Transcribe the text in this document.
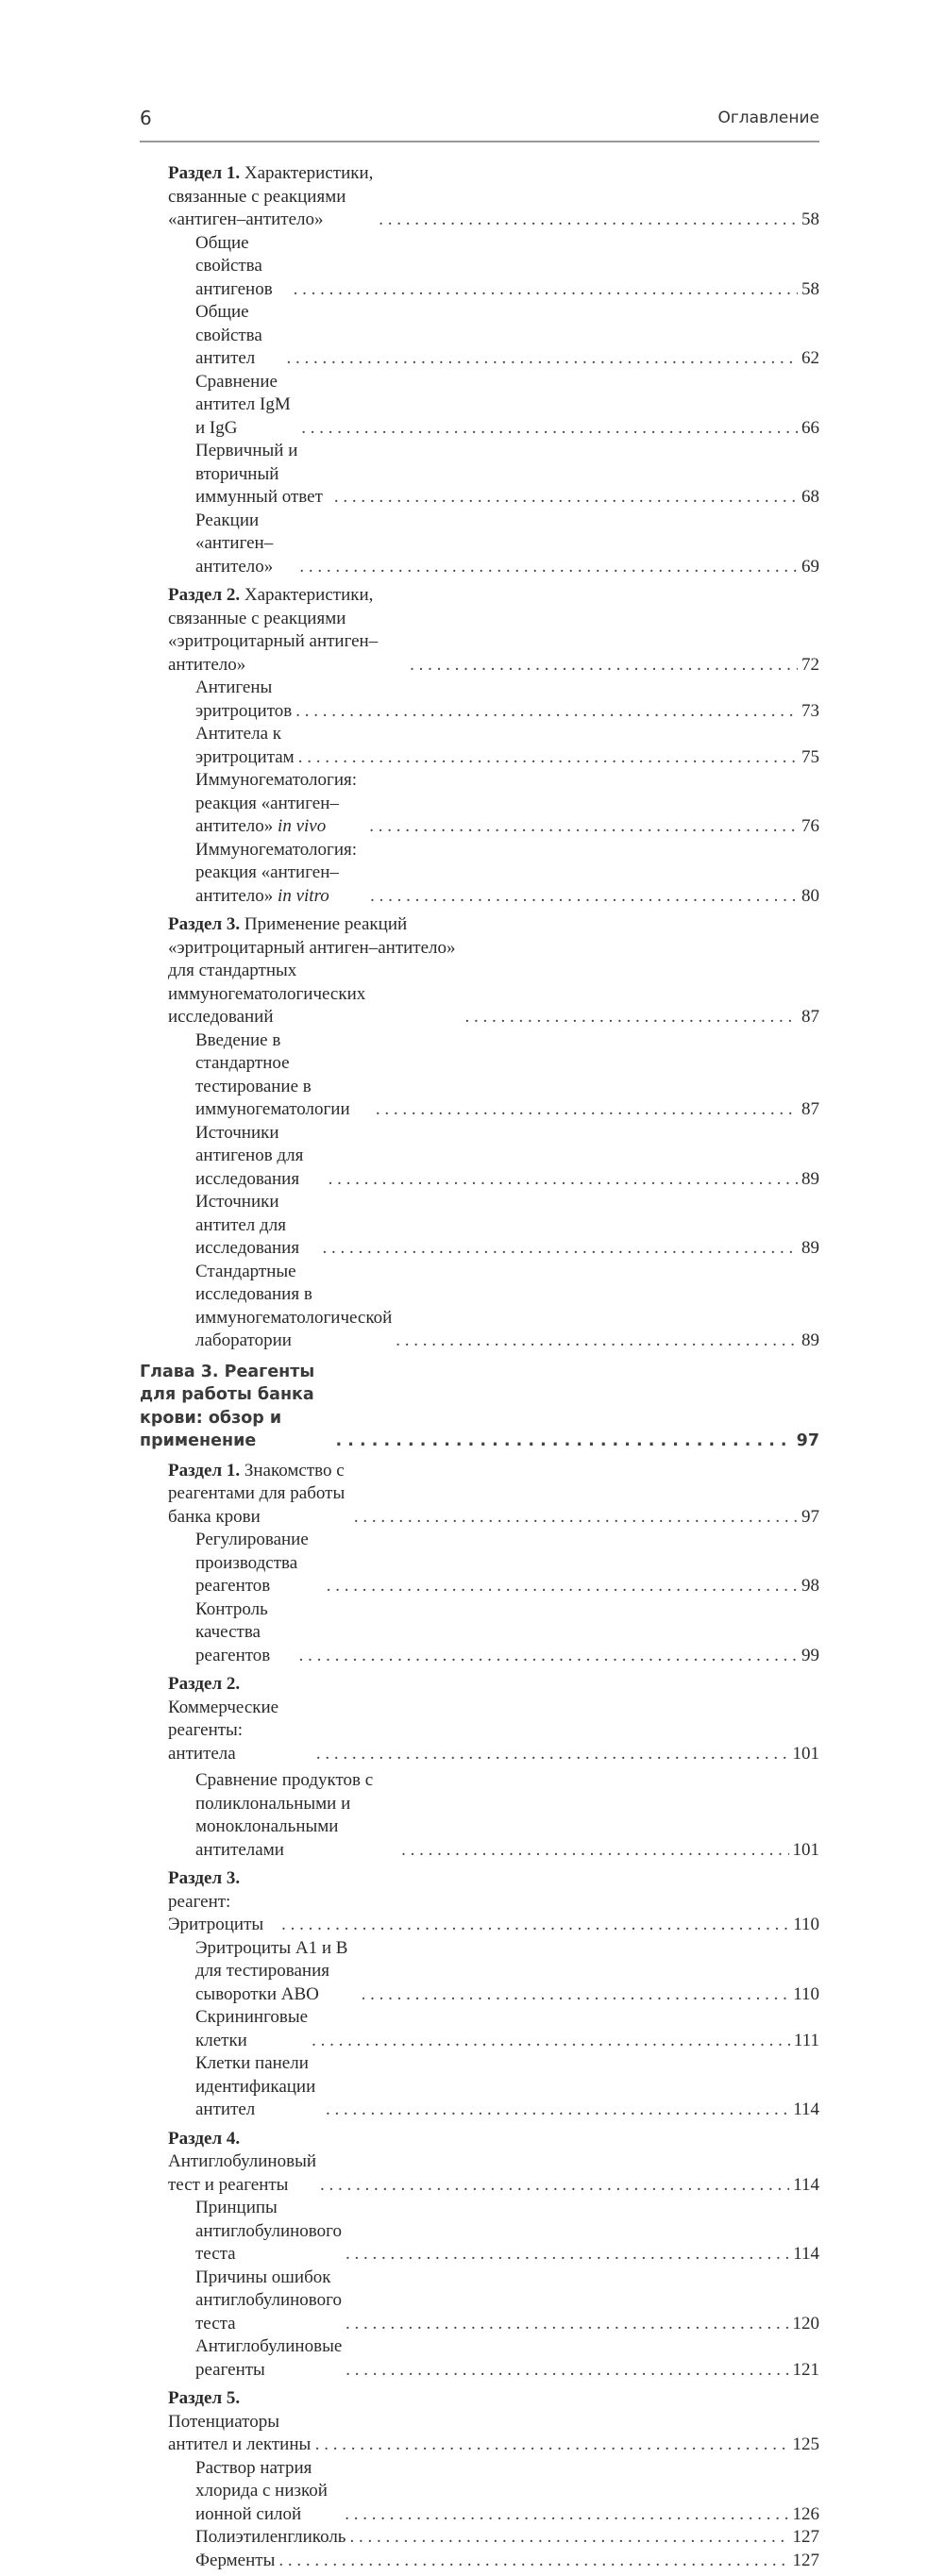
6	Оглавление
Раздел 1. Характеристики, связанные с реакциями «антиген–антитело» . . .	58
Общие свойства антигенов . . .	58
Общие свойства антител . . .	62
Сравнение антител IgM и IgG . . .	66
Первичный и вторичный иммунный ответ . . .	68
Реакции «антиген–антитело» . . .	69
Раздел 2. Характеристики, связанные с реакциями «эритроцитарный антиген–антитело» . . .	72
Антигены эритроцитов . . .	73
Антитела к эритроцитам . . .	75
Иммуногематология: реакция «антиген–антитело» in vivo . . .	76
Иммуногематология: реакция «антиген–антитело» in vitro . . .	80
Раздел 3. Применение реакций «эритроцитарный антиген–антитело» для стандартных иммуногематологических исследований . . .	87
Введение в стандартное тестирование в иммуногематологии . . .	87
Источники антигенов для исследования . . .	89
Источники антител для исследования . . .	89
Стандартные исследования в иммуногематологической лаборатории . . .	89
Глава 3. Реагенты для работы банка крови: обзор и применение . . .	97
Раздел 1. Знакомство с реагентами для работы банка крови . . .	97
Регулирование производства реагентов . . .	98
Контроль качества реагентов . . .	99
Раздел 2. Коммерческие реагенты: антитела . . .	101
Сравнение продуктов с поликлональными и моноклональными антителами . . .	101
Раздел 3. реагент: Эритроциты . . .	110
Эритроциты A1 и B для тестирования сыворотки ABO . . .	110
Скрининговые клетки . . .	111
Клетки панели идентификации антител . . .	114
Раздел 4. Антиглобулиновый тест и реагенты . . .	114
Принципы антиглобулинового теста . . .	114
Причины ошибок антиглобулинового теста . . .	120
Антиглобулиновые реагенты . . .	121
Раздел 5. Потенциаторы антител и лектины . . .	125
Раствор натрия хлорида с низкой ионной силой . . .	126
Полиэтиленгликоль . . .	127
Ферменты . . .	127
